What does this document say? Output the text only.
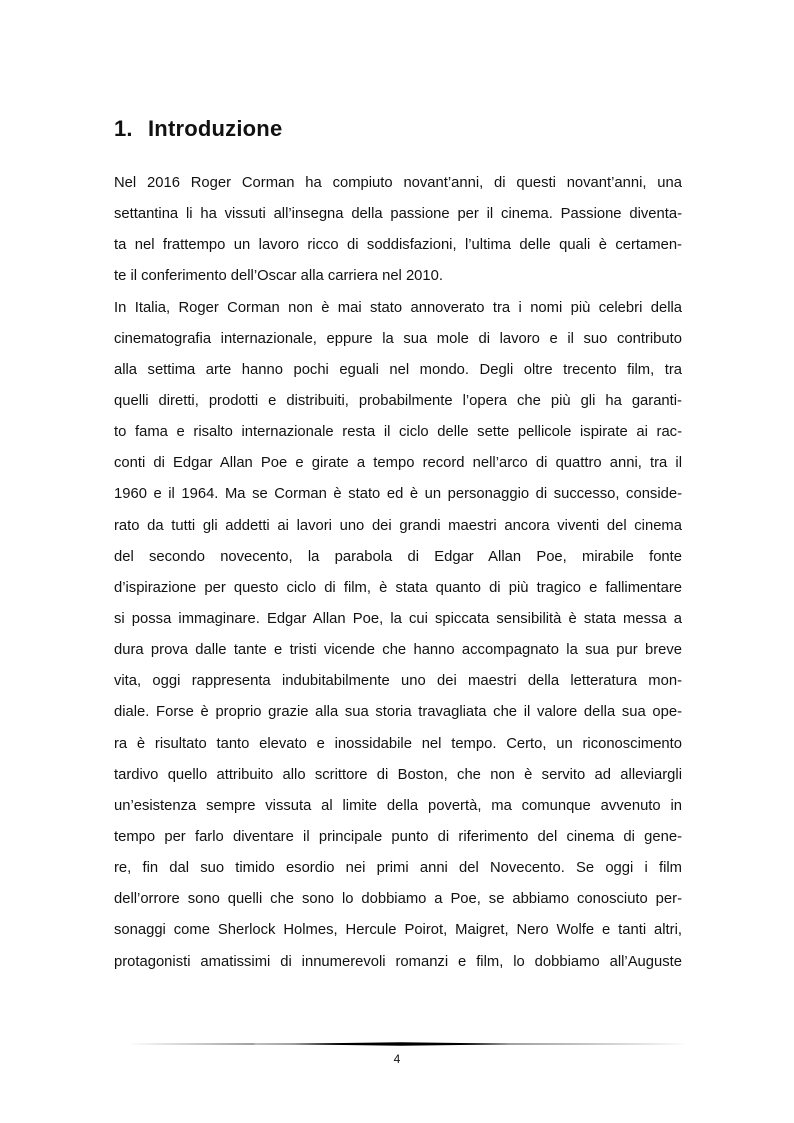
1. Introduzione
Nel 2016 Roger Corman ha compiuto novant’anni, di questi novant’anni, una
settantina li ha vissuti all’insegna della passione per il cinema. Passione diventa-
ta nel frattempo un lavoro ricco di soddisfazioni, l’ultima delle quali è certamen-
te il conferimento dell’Oscar alla carriera nel 2010.
In Italia, Roger Corman non è mai stato annoverato tra i nomi più celebri della
cinematografia internazionale, eppure la sua mole di lavoro e il suo contributo
alla settima arte hanno pochi eguali nel mondo. Degli oltre trecento film, tra
quelli diretti, prodotti e distribuiti, probabilmente l’opera che più gli ha garanti-
to fama e risalto internazionale resta il ciclo delle sette pellicole ispirate ai rac-
conti di Edgar Allan Poe e girate a tempo record nell’arco di quattro anni, tra il
1960 e il 1964. Ma se Corman è stato ed è un personaggio di successo, conside-
rato da tutti gli addetti ai lavori uno dei grandi maestri ancora viventi del cinema
del secondo novecento, la parabola di Edgar Allan Poe, mirabile fonte
d’ispirazione per questo ciclo di film, è stata quanto di più tragico e fallimentare
si possa immaginare. Edgar Allan Poe, la cui spiccata sensibilità è stata messa a
dura prova dalle tante e tristi vicende che hanno accompagnato la sua pur breve
vita, oggi rappresenta indubitabilmente uno dei maestri della letteratura mon-
diale. Forse è proprio grazie alla sua storia travagliata che il valore della sua ope-
ra è risultato tanto elevato e inossidabile nel tempo. Certo, un riconoscimento
tardivo quello attribuito allo scrittore di Boston, che non è servito ad alleviargli
un’esistenza sempre vissuta al limite della povertà, ma comunque avvenuto in
tempo per farlo diventare il principale punto di riferimento del cinema di gene-
re, fin dal suo timido esordio nei primi anni del Novecento. Se oggi i film
dell’orrore sono quelli che sono lo dobbiamo a Poe, se abbiamo conosciuto per-
sonaggi come Sherlock Holmes, Hercule Poirot, Maigret, Nero Wolfe e tanti altri,
protagonisti amatissimi di innumerevoli romanzi e film, lo dobbiamo all’Auguste
4
